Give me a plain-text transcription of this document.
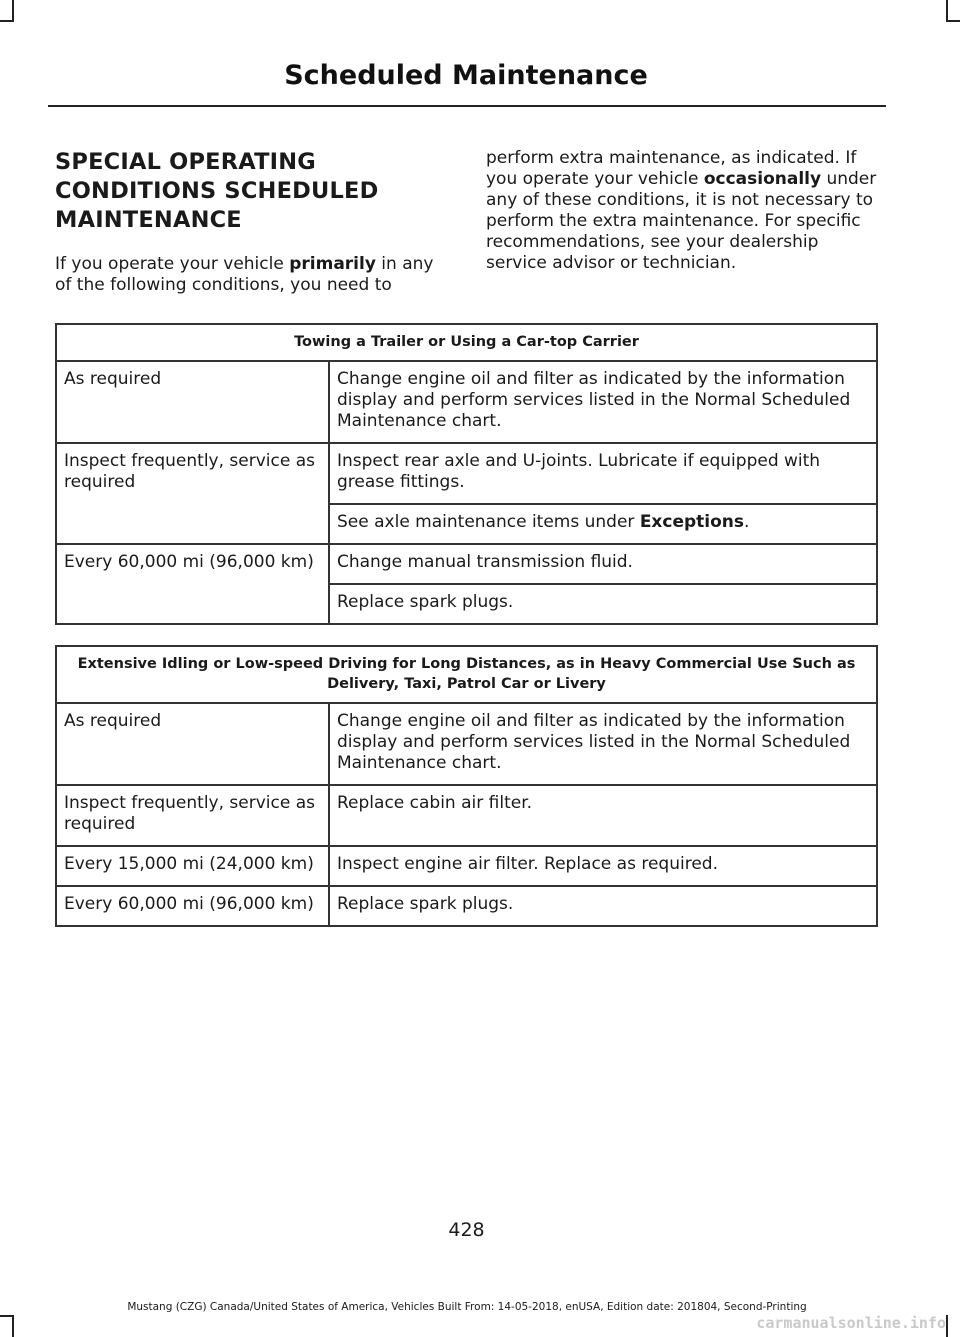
Scheduled Maintenance
SPECIAL OPERATING
CONDITIONS SCHEDULED
MAINTENANCE

If you operate your vehicle primarily in any of the following conditions, you need to

perform extra maintenance, as indicated. If you operate your vehicle occasionally under any of these conditions, it is not necessary to perform the extra maintenance. For specific recommendations, see your dealership service advisor or technician.

Towing a Trailer or Using a Car-top Carrier	
As required	Change engine oil and filter as indicated by the information display and perform services listed in the Normal Scheduled Maintenance chart.
Inspect frequently, service as required	Inspect rear axle and U-joints. Lubricate if equipped with grease fittings.
	See axle maintenance items under Exceptions.
Every 60,000 mi (96,000 km)	Change manual transmission fluid.
	Replace spark plugs.
Extensive Idling or Low-speed Driving for Long Distances, as in Heavy Commercial Use Such as Delivery, Taxi, Patrol Car or Livery	
As required	Change engine oil and filter as indicated by the information display and perform services listed in the Normal Scheduled Maintenance chart.
Inspect frequently, service as required	Replace cabin air filter.
Every 15,000 mi (24,000 km)	Inspect engine air filter. Replace as required.
Every 60,000 mi (96,000 km)	Replace spark plugs.
428
Mustang (CZG) Canada/United States of America, Vehicles Built From: 14-05-2018, enUSA, Edition date: 201804, Second-Printing
carmanualsonline.info
